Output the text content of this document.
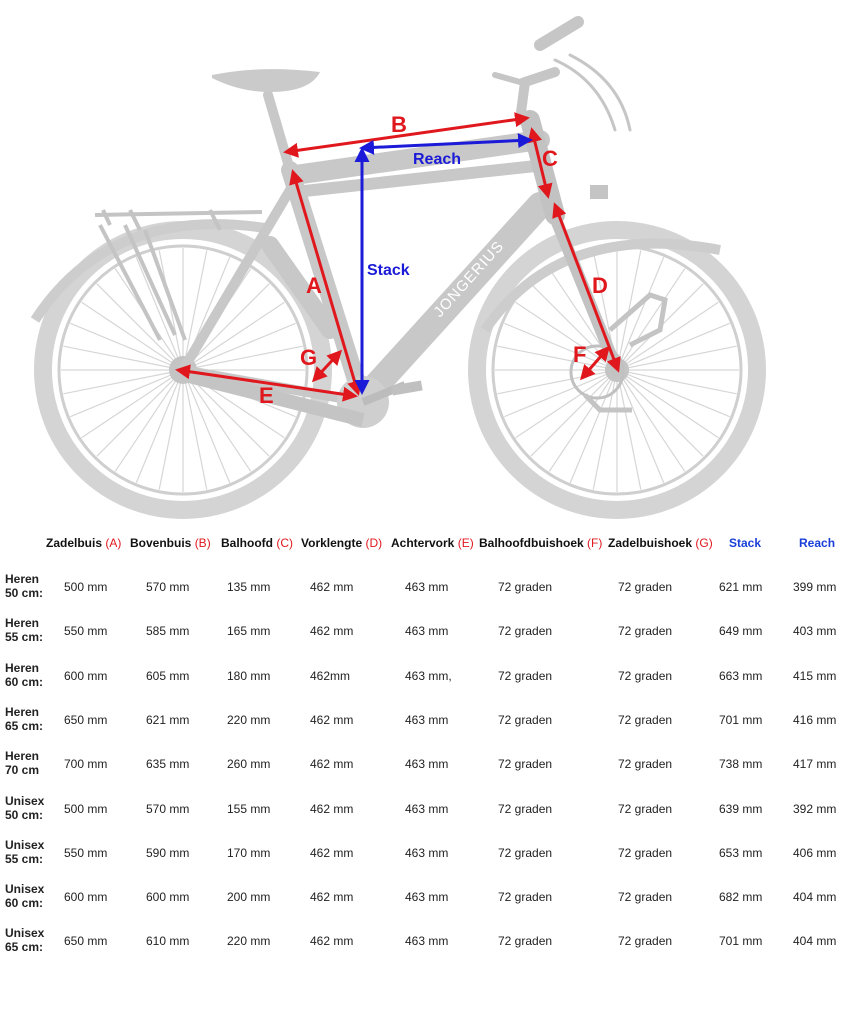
JONGERIUS
A
B
C
D
E
F
G
Stack
Reach
Zadelbuis (A) Bovenbuis (B) Balhoofd (C) Vorklengte (D) Achtervork (E) Balhoofdbuishoek (F) Zadelbuishoek (G) Stack	Reach
Heren
50 cm:	500 mm	570 mm	135 mm	462 mm	463 mm	72 graden	72 graden	621 mm	399 mm
Heren
55 cm:	550 mm	585 mm	165 mm	462 mm	463 mm	72 graden	72 graden	649 mm	403 mm
Heren
60 cm:	600 mm	605 mm	180 mm	462mm	463 mm,	72 graden	72 graden	663 mm	415 mm
Heren
65 cm:	650 mm	621 mm	220 mm	462 mm	463 mm	72 graden	72 graden	701 mm	416 mm
Heren
70 cm	700 mm	635 mm	260 mm	462 mm	463 mm	72 graden	72 graden	738 mm	417 mm
Unisex
50 cm:	500 mm	570 mm	155 mm	462 mm	463 mm	72 graden	72 graden	639 mm	392 mm
Unisex
55 cm:	550 mm	590 mm	170 mm	462 mm	463 mm	72 graden	72 graden	653 mm	406 mm
Unisex
60 cm:	600 mm	600 mm	200 mm	462 mm	463 mm	72 graden	72 graden	682 mm	404 mm
Unisex
65 cm:	650 mm	610 mm	220 mm	462 mm	463 mm	72 graden	72 graden	701 mm	404 mm
